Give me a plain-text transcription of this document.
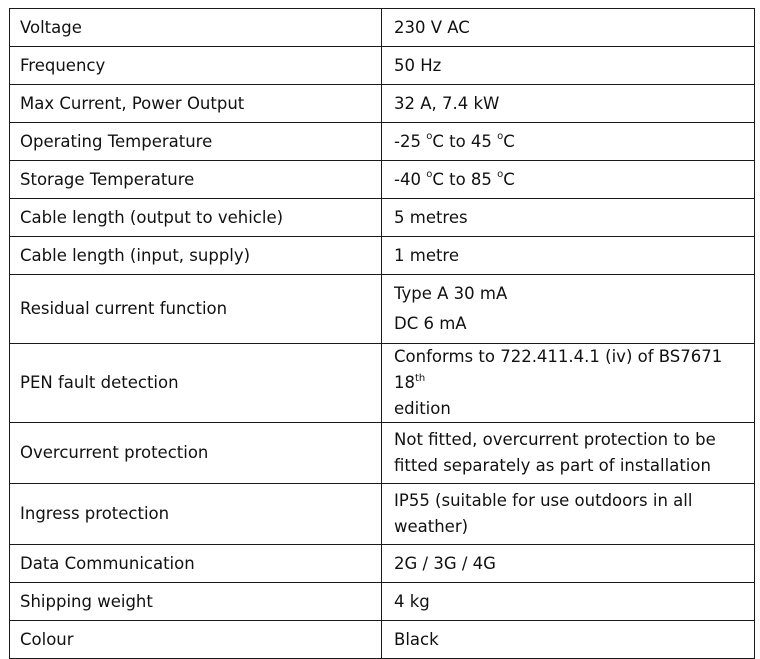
Voltage	230 V AC
Frequency	50 Hz
Max Current, Power Output	32 A, 7.4 kW
Operating Temperature	-25 $^o$C to 45 $^o$C
Storage Temperature	-40 $^o$C to 85 $^o$C
Cable length (output to vehicle)	5 metres
Cable length (input, supply)	1 metre
Residual current function	Type A 30 mA
DC 6 mA

PEN fault detection	Conforms to 722.411.4.1 (iv) of BS7671 18th
edition

Overcurrent protection	Not fitted, overcurrent protection to be
fitted separately as part of installation

Ingress protection	IP55 (suitable for use outdoors in all
weather)

Data Communication	2G / 3G / 4G
Shipping weight	4 kg
Colour	Black
